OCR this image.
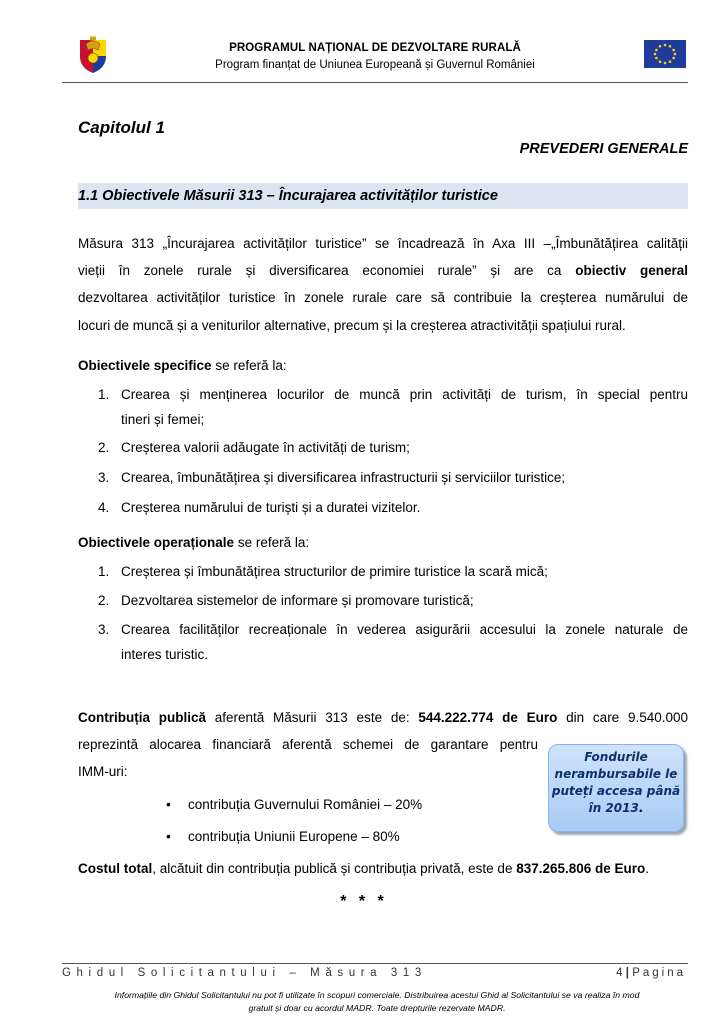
PROGRAMUL NAȚIONAL DE DEZVOLTARE RURALĂ
Program finanțat de Uniunea Europeană și Guvernul României
Capitolul 1
PREVEDERI GENERALE
1.1 Obiectivele Măsurii 313 – Încurajarea activităților turistice
Măsura 313 „Încurajarea activităților turistice” se încadrează în Axa III –„Îmbunătățirea calității
vieții în zonele rurale și diversificarea economiei rurale” și are ca obiectiv general
dezvoltarea activităților turistice în zonele rurale care să contribuie la creșterea numărului de
locuri de muncă și a veniturilor alternative, precum și la creșterea atractivității spațiului rural.
Obiectivele specifice se referă la:
1. Crearea și menținerea locurilor de muncă prin activități de turism, în special pentru
tineri și femei;
2. Creșterea valorii adăugate în activități de turism;
3. Crearea, îmbunătățirea și diversificarea infrastructurii și serviciilor turistice;
4. Creșterea numărului de turiști și a duratei vizitelor.
Obiectivele operaționale se referă la:
1. Creșterea și îmbunătățirea structurilor de primire turistice la scară mică;
2. Dezvoltarea sistemelor de informare și promovare turistică;
3. Crearea facilităților recreaționale în vederea asigurării accesului la zonele naturale de
interes turistic.
Contribuția publică aferentă Măsurii 313 este de: 544.222.774 de Euro din care 9.540.000
reprezintă alocarea financiară aferentă schemei de garantare pentru
IMM-uri:
• contribuția Guvernului României – 20%
• contribuția Uniunii Europene – 80%
Costul total, alcătuit din contribuția publică și contribuția privată, este de 837.265.806 de Euro.
Fondurile
nerambursabile le
puteți accesa până
în 2013.
* * *
Ghidul Solicitantului – Măsura 313	4 | Pagina
Informațiile din Ghidul Solicitantului nu pot fi utilizate în scopuri comerciale. Distribuirea acestui Ghid al Solicitantului se va realiza în mod
gratuit și doar cu acordul MADR. Toate drepturile rezervate MADR.
